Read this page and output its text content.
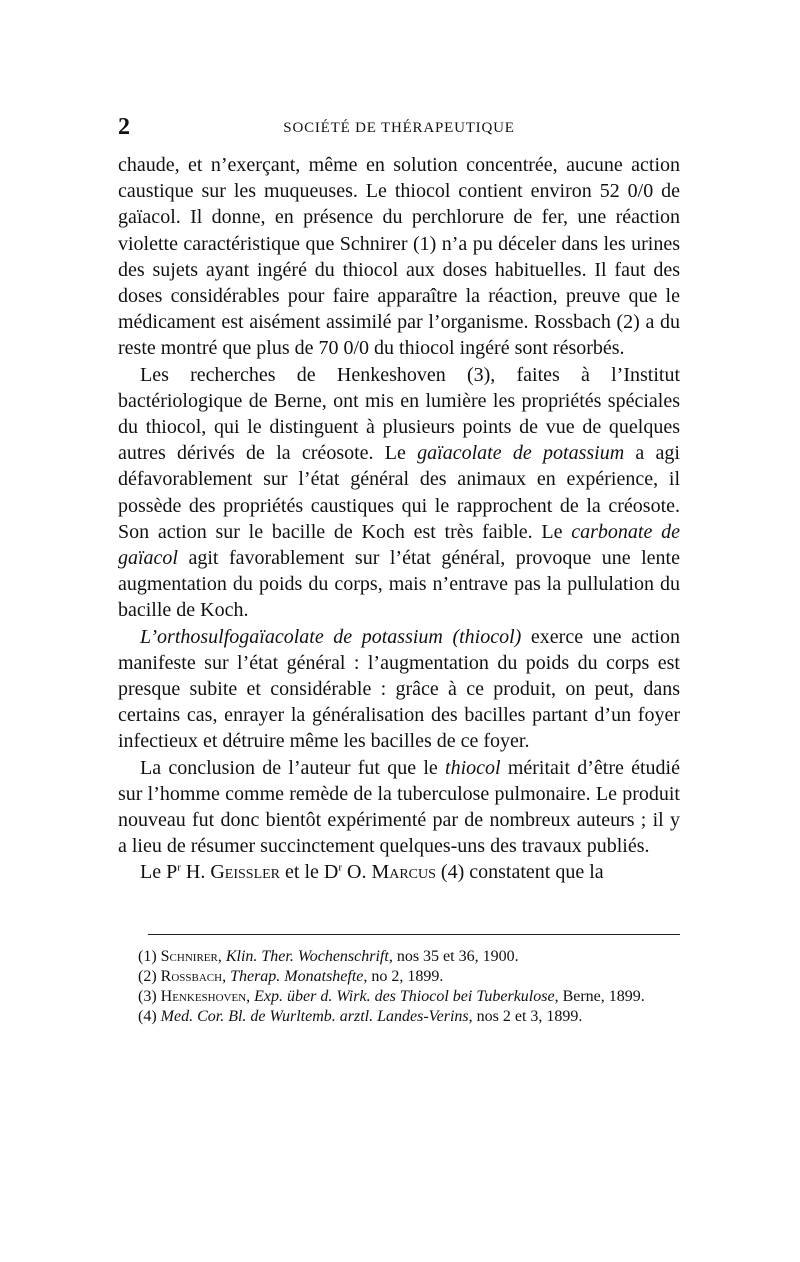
2	SOCIÉTÉ DE THÉRAPEUTIQUE

chaude, et n’exerçant, même en solution concentrée, aucune action caustique sur les muqueuses. Le thiocol contient environ 52 0/0 de gaïacol. Il donne, en présence du perchlorure de fer, une réaction violette caractéristique que Schnirer (1) n’a pu déceler dans les urines des sujets ayant ingéré du thiocol aux doses habituelles. Il faut des doses considérables pour faire apparaître la réaction, preuve que le médicament est aisément assimilé par l’organisme. Rossbach (2) a du reste montré que plus de 70 0/0 du thiocol ingéré sont résorbés.

Les recherches de Henkeshoven (3), faites à l’Institut bactériologique de Berne, ont mis en lumière les propriétés spéciales du thiocol, qui le distinguent à plusieurs points de vue de quelques autres dérivés de la créosote. Le gaïacolate de potassium a agi défavorablement sur l’état général des animaux en expérience, il possède des propriétés caustiques qui le rapprochent de la créosote. Son action sur le bacille de Koch est très faible. Le carbonate de gaïacol agit favorablement sur l’état général, provoque une lente augmentation du poids du corps, mais n’entrave pas la pullulation du bacille de Koch.

L’orthosulfogaïacolate de potassium (thiocol) exerce une action manifeste sur l’état général : l’augmentation du poids du corps est presque subite et considérable : grâce à ce produit, on peut, dans certains cas, enrayer la généralisation des bacilles partant d’un foyer infectieux et détruire même les bacilles de ce foyer.

La conclusion de l’auteur fut que le thiocol méritait d’être étudié sur l’homme comme remède de la tuberculose pulmonaire. Le produit nouveau fut donc bientôt expérimenté par de nombreux auteurs ; il y a lieu de résumer succinctement quelques-uns des travaux publiés.

Le $P^r$ H. Geissler et le $D^r$ O. Marcus (4) constatent que la

(1) Schnirer, Klin. Ther. Wochenschrift, nos 35 et 36, 1900.

(2) Rossbach, Therap. Monatshefte, no 2, 1899.

(3) Henkeshoven, Exp. über d. Wirk. des Thiocol bei Tuberkulose, Berne, 1899.

(4) Med. Cor. Bl. de Wurltemb. arztl. Landes-Verins, nos 2 et 3, 1899.
